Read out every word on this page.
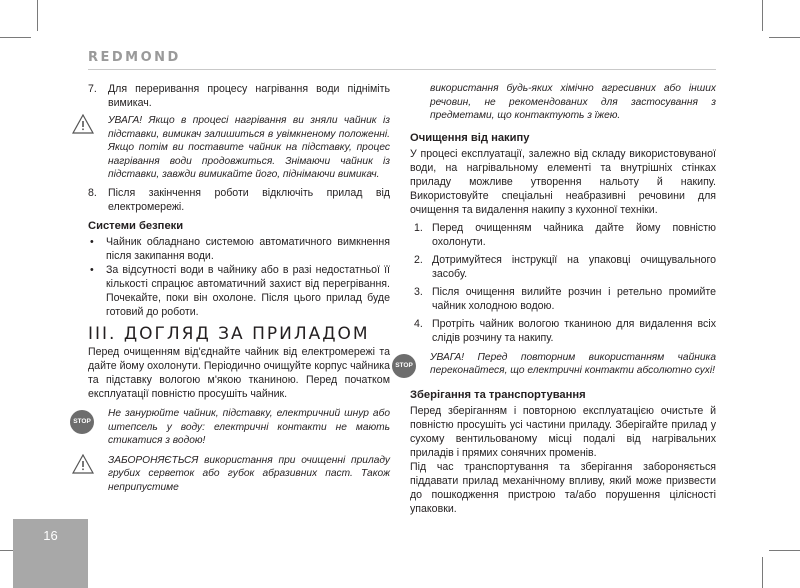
REDMOND

7. Для переривання процесу нагрівання води підніміть вимикач.

УВАГА! Якщо в процесі нагрівання ви зняли чайник із підставки, вимикач залишиться в увімкненому положенні. Якщо потім ви поставите чайник на підставку, процес нагрівання води продовжиться. Знімаючи чайник із підставки, завжди вимикайте його, піднімаючи вимикач.

8. Після закінчення роботи відключіть прилад від електромережі.

Системи безпеки

• Чайник обладнано системою автоматичного вимкнення після закипання води.

• За відсутності води в чайнику або в разі недостатньої її кількості спрацює автоматичний захист від перегрівання. Почекайте, поки він охолоне. Після цього прилад буде готовий до роботи.

III. ДОГЛЯД ЗА ПРИЛАДОМ

Перед очищенням від'єднайте чайник від електромережі та дайте йому охолонути. Періодично очищуйте корпус чайника та підставку вологою м'якою тканиною. Перед початком експлуатації повністю просушіть чайник.

STOP
Не занурюйте чайник, підставку, електричний шнур або штепсель у воду: електричні контакти не мають стикатися з водою!

ЗАБОРОНЯЄТЬСЯ використання при очищенні приладу грубих серветок або губок абразивних паст. Також неприпустиме

використання будь-яких хімічно агресивних або інших речовин, не рекомендованих для застосування з предметами, що контактують з їжею.

Очищення від накипу

У процесі експлуатації, залежно від складу використовуваної води, на нагрівальному елементі та внутрішніх стінках приладу можливе утворення нальоту й накипу. Використовуйте спеціальні неабразивні речовини для очищення та видалення накипу з кухонної техніки.

1. Перед очищенням чайника дайте йому повністю охолонути.

2. Дотримуйтеся інструкції на упаковці очищувального засобу.

3. Після очищення вилийте розчин і ретельно промийте чайник холодною водою.

4. Протріть чайник вологою тканиною для видалення всіх слідів розчину та накипу.

STOP
УВАГА! Перед повторним використанням чайника переконайтеся, що електричні контакти абсолютно сухі!

Зберігання та транспортування

Перед зберіганням і повторною експлуатацією очистьте й повністю просушіть усі частини приладу. Зберігайте прилад у сухому вентильованому місці подалі від нагрівальних приладів і прямих сонячних променів.

Під час транспортування та зберігання забороняється піддавати прилад механічному впливу, який може призвести до пошкодження пристрою та/або порушення цілісності упаковки.

16
